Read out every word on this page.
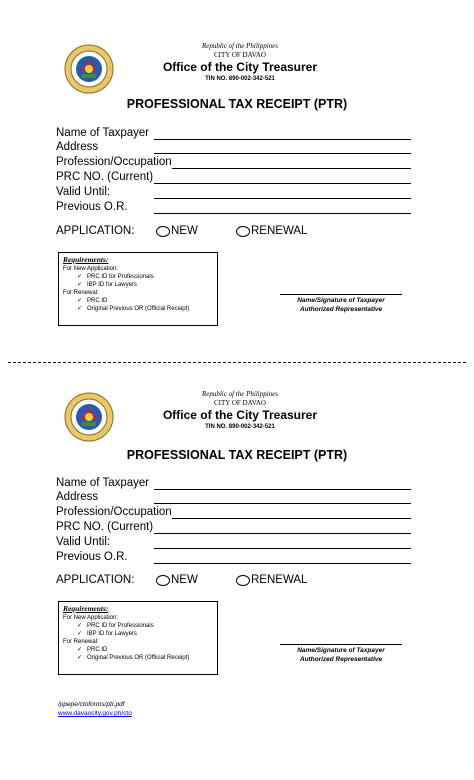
Republic of the Philippines
CITY OF DAVAO
Office of the City Treasurer
TIN NO. 890-002-342-521
PROFESSIONAL TAX RECEIPT (PTR)
Name of Taxpayer
Address
Profession/Occupation
PRC NO. (Current)
Valid Until:
Previous O.R.
APPLICATION:	NEW	RENEWAL
Requirements:
For New Application:
✓ PRC ID for Professionals
✓ IBP ID for Lawyers
For Renewal:
✓ PRC ID
✓ Original Previous OR (Official Receipt)
Name/Signature of Taxpayer
Authorized Representative
Republic of the Philippines
CITY OF DAVAO
Office of the City Treasurer
TIN NO. 890-002-342-521
PROFESSIONAL TAX RECEIPT (PTR)
Name of Taxpayer
Address
Profession/Occupation
PRC NO. (Current)
Valid Until:
Previous O.R.
APPLICATION:	NEW	RENEWAL
Requirements:
For New Application:
✓ PRC ID for Professionals
✓ IBP ID for Lawyers
For Renewal:
✓ PRC ID
✓ Original Previous OR (Official Receipt)
Name/Signature of Taxpayer
Authorized Representative
/ppepe/ctoforms/ptr.pdf
www.davaocity.gov.ph/cto
